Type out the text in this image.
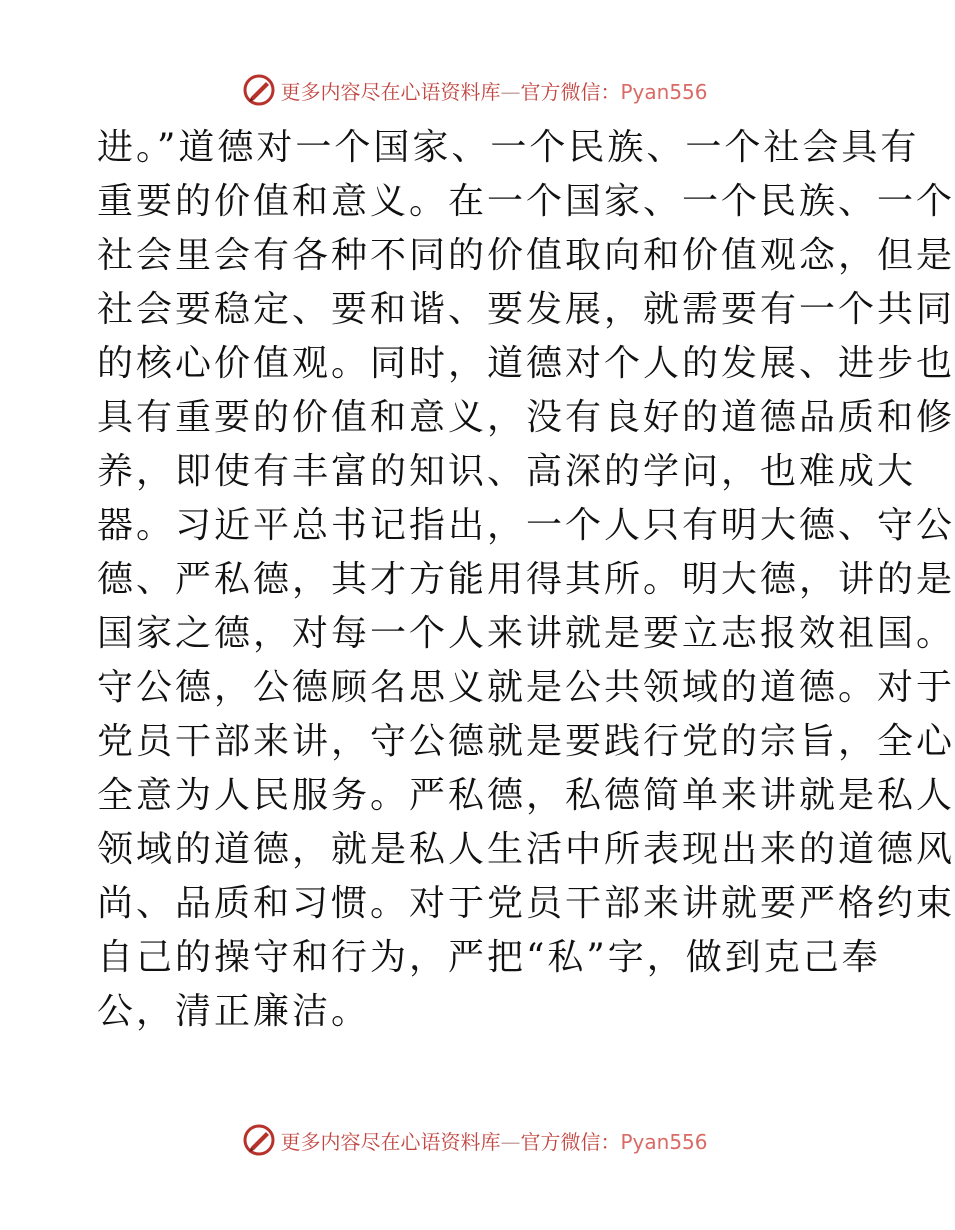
更多内容尽在心语资料库—官方微信：Pyan556
进。”道德对一个国家、一个民族、一个社会具有
重要的价值和意义。在一个国家、一个民族、一个
社会里会有各种不同的价值取向和价值观念，但是
社会要稳定、要和谐、要发展，就需要有一个共同
的核心价值观。同时，道德对个人的发展、进步也
具有重要的价值和意义，没有良好的道德品质和修
养，即使有丰富的知识、高深的学问，也难成大
器。习近平总书记指出，一个人只有明大德、守公
德、严私德，其才方能用得其所。明大德，讲的是
国家之德，对每一个人来讲就是要立志报效祖国。
守公德，公德顾名思义就是公共领域的道德。对于
党员干部来讲，守公德就是要践行党的宗旨，全心
全意为人民服务。严私德，私德简单来讲就是私人
领域的道德，就是私人生活中所表现出来的道德风
尚、品质和习惯。对于党员干部来讲就要严格约束
自己的操守和行为，严把“私”字，做到克己奉
公，清正廉洁。
更多内容尽在心语资料库—官方微信：Pyan556
